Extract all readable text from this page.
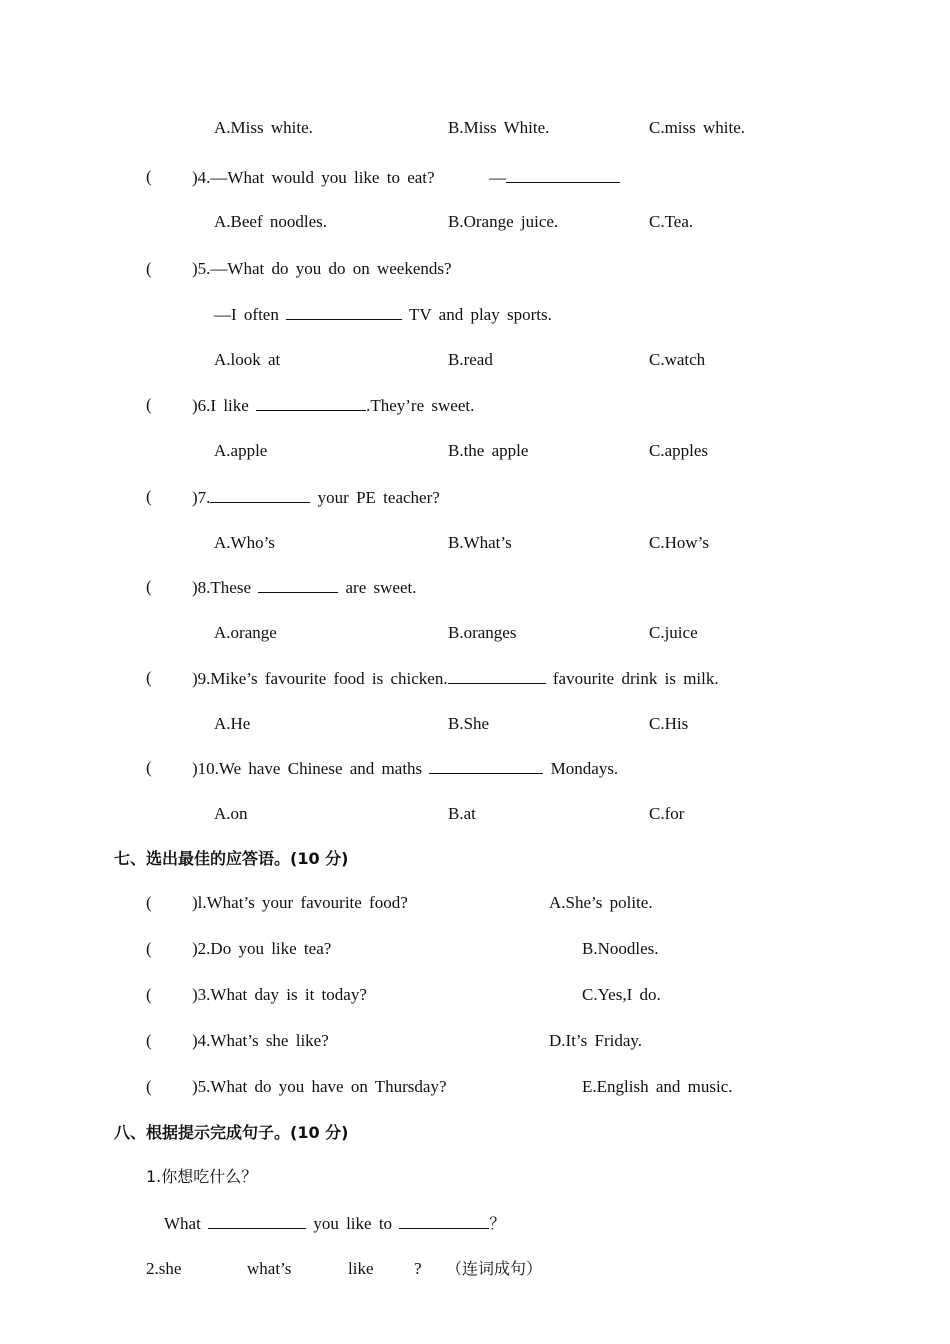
A.Miss white.	B.Miss White.	C.miss white.
( )4.—What would you like to eat?	—
A.Beef noodles.	B.Orange juice.	C.Tea.
( )5.—What do you do on weekends?
—I often	TV and play sports.
A.look at	B.read	C.watch
( )6.I like	.They’re sweet.
A.apple	B.the apple	C.apples
( )7.	your PE teacher?
A.Who’s	B.What’s	C.How’s
( )8.These	are sweet.
A.orange	B.oranges	C.juice
( )9.Mike’s favourite food is chicken.	favourite drink is milk.
A.He	B.She	C.His
( )10.We have Chinese and maths	Mondays.
A.on	B.at	C.for
七、选出最佳的应答语。(10 分)
( )l.What’s your favourite food?	A.She’s polite.
( )2.Do you like tea?	B.Noodles.
( )3.What day is it today?	C.Yes,I do.
( )4.What’s she like?	D.It’s Friday.
( )5.What do you have on Thursday?	E.English and music.
八、根据提示完成句子。(10 分)
1.你想吃什么？
What	you like to	？
2.she	what’s	like ? （连词成句）
